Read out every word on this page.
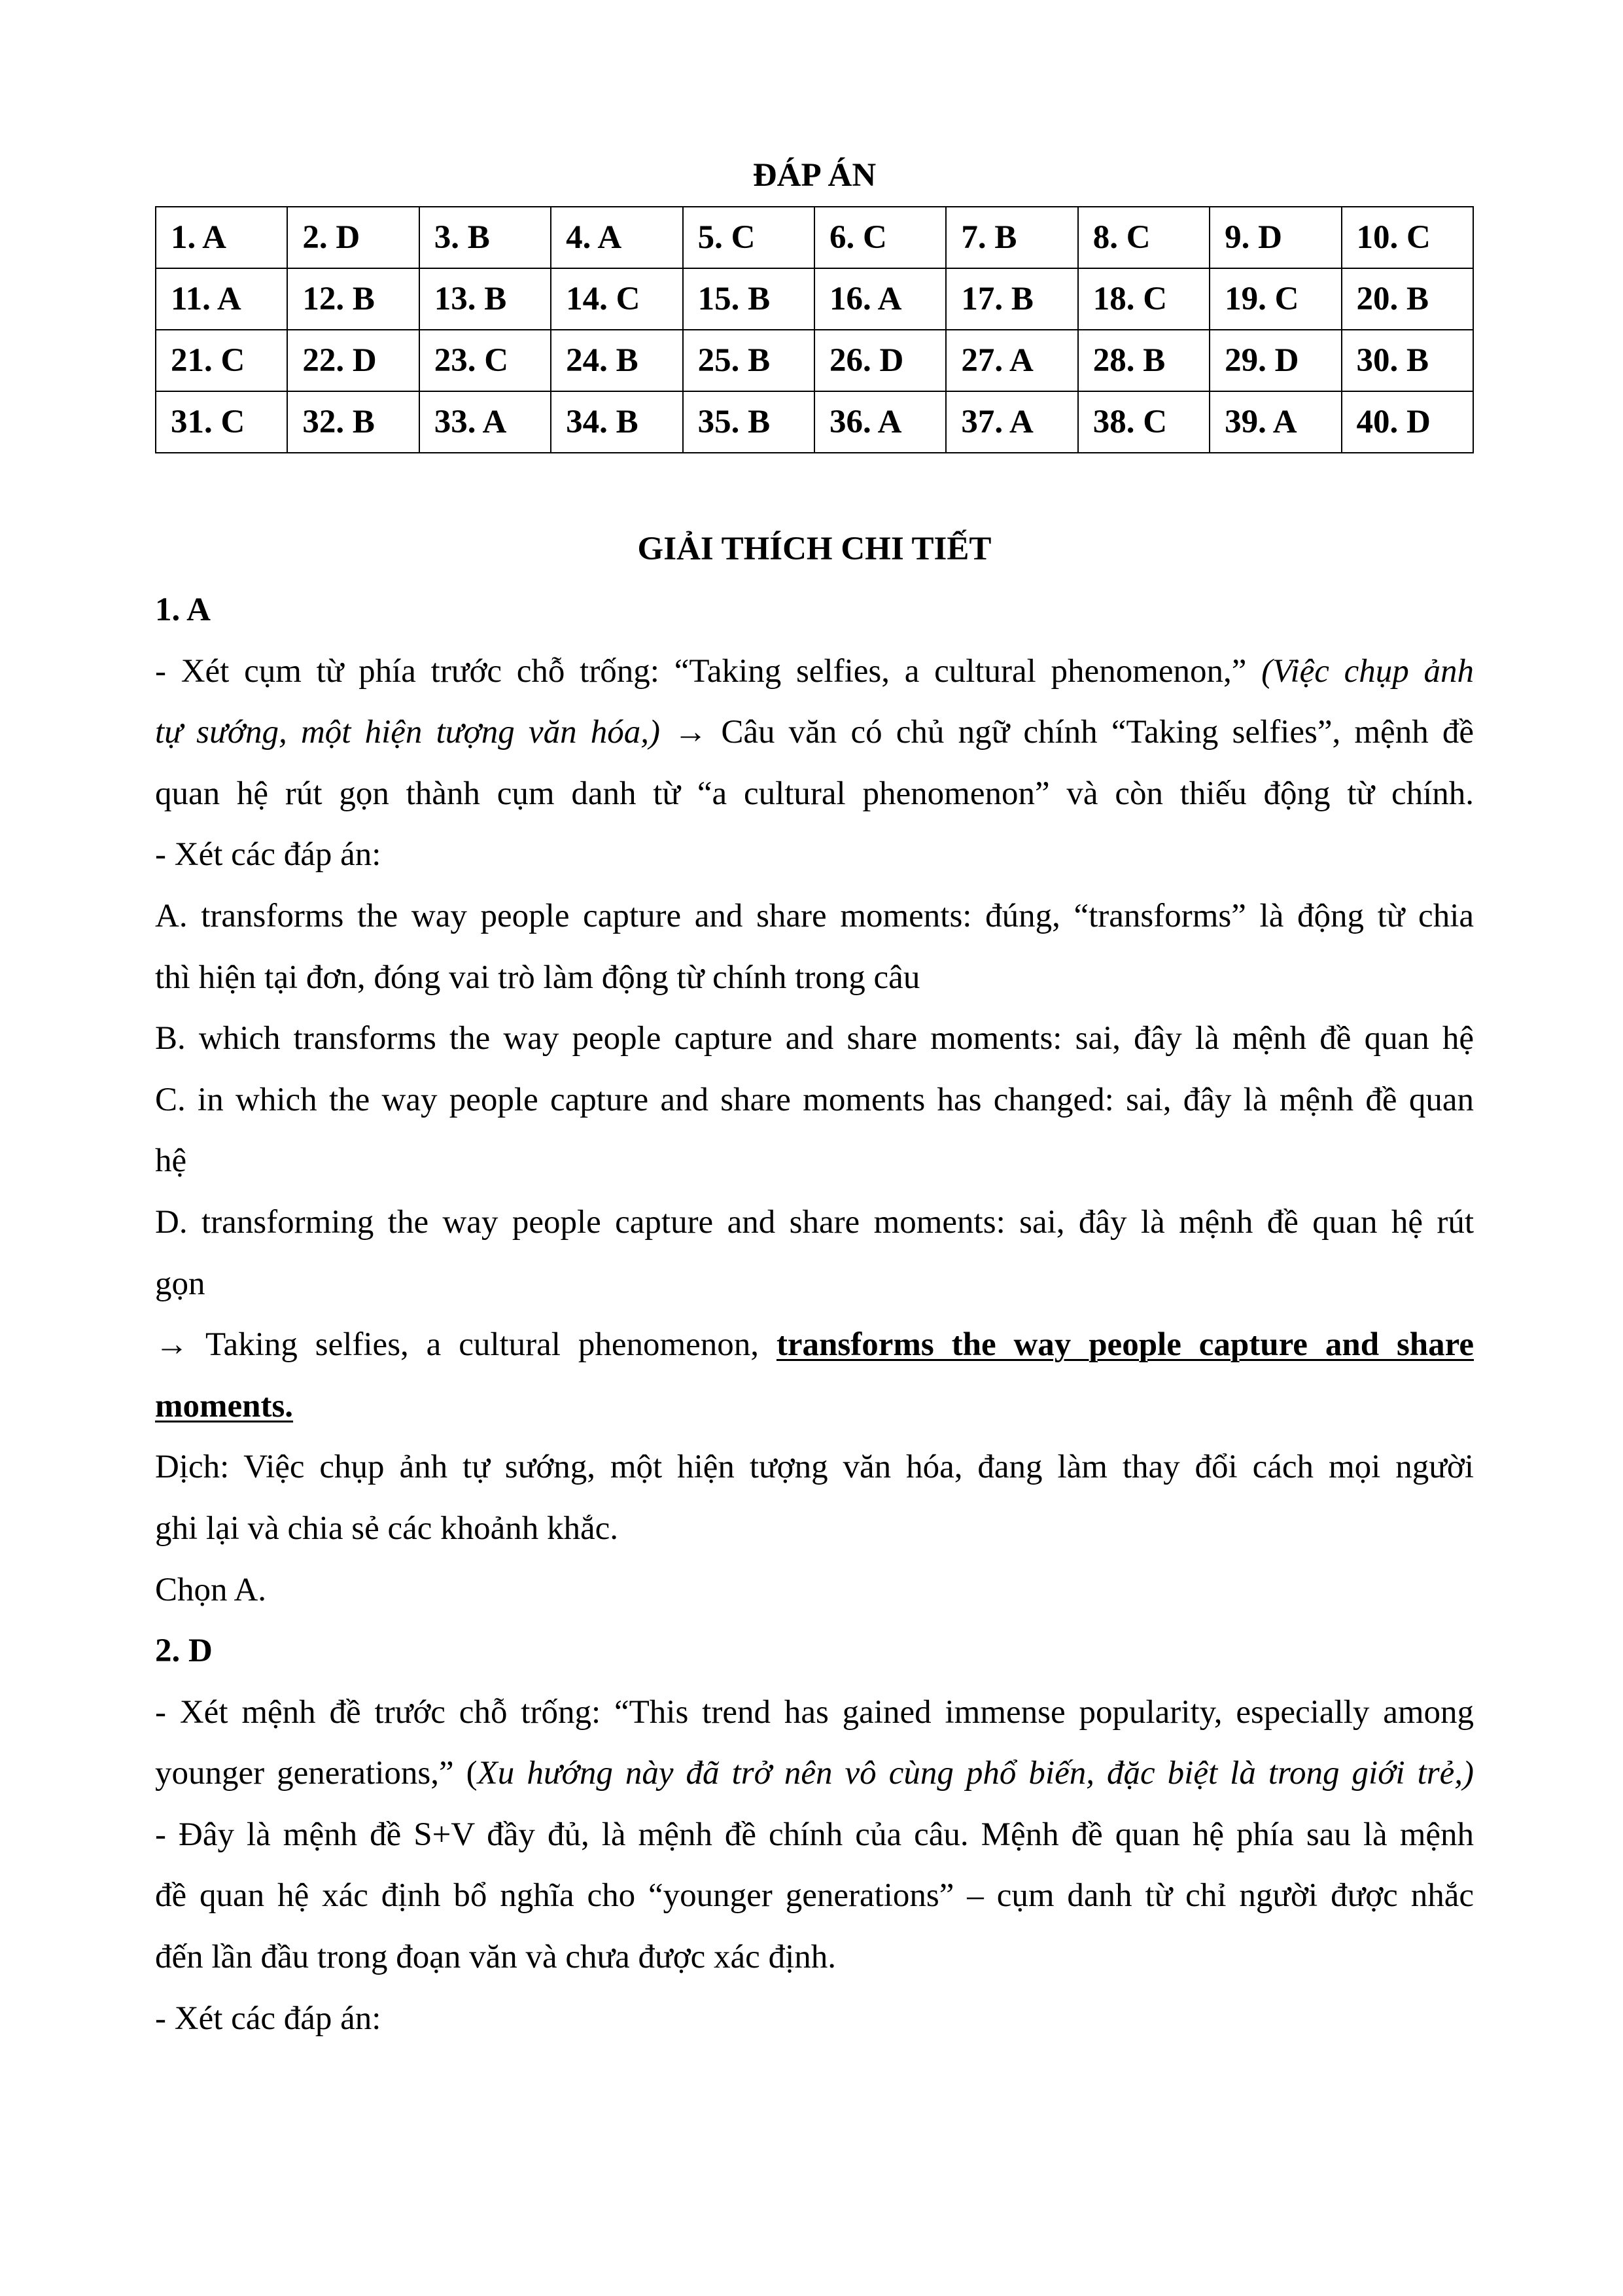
ĐÁP ÁN

1. A	2. D	3. B	4. A	5. C	6. C	7. B	8. C	9. D	10. C
11. A	12. B	13. B	14. C	15. B	16. A	17. B	18. C	19. C	20. B
21. C	22. D	23. C	24. B	25. B	26. D	27. A	28. B	29. D	30. B
31. C	32. B	33. A	34. B	35. B	36. A	37. A	38. C	39. A	40. D

GIẢI THÍCH CHI TIẾT

1. A

- Xét cụm từ phía trước chỗ trống: “Taking selfies, a cultural phenomenon,” (Việc chụp ảnh

tự sướng, một hiện tượng văn hóa,) → Câu văn có chủ ngữ chính “Taking selfies”, mệnh đề

quan hệ rút gọn thành cụm danh từ “a cultural phenomenon” và còn thiếu động từ chính.

- Xét các đáp án:

A. transforms the way people capture and share moments: đúng, “transforms” là động từ chia

thì hiện tại đơn, đóng vai trò làm động từ chính trong câu

B. which transforms the way people capture and share moments: sai, đây là mệnh đề quan hệ

C. in which the way people capture and share moments has changed: sai, đây là mệnh đề quan

hệ

D. transforming the way people capture and share moments: sai, đây là mệnh đề quan hệ rút

gọn

→ Taking selfies, a cultural phenomenon, transforms the way people capture and share

moments.

Dịch: Việc chụp ảnh tự sướng, một hiện tượng văn hóa, đang làm thay đổi cách mọi người

ghi lại và chia sẻ các khoảnh khắc.

Chọn A.

2. D

- Xét mệnh đề trước chỗ trống: “This trend has gained immense popularity, especially among

younger generations,” (Xu hướng này đã trở nên vô cùng phổ biến, đặc biệt là trong giới trẻ,)

- Đây là mệnh đề S+V đầy đủ, là mệnh đề chính của câu. Mệnh đề quan hệ phía sau là mệnh

đề quan hệ xác định bổ nghĩa cho “younger generations” – cụm danh từ chỉ người được nhắc

đến lần đầu trong đoạn văn và chưa được xác định.

- Xét các đáp án:
